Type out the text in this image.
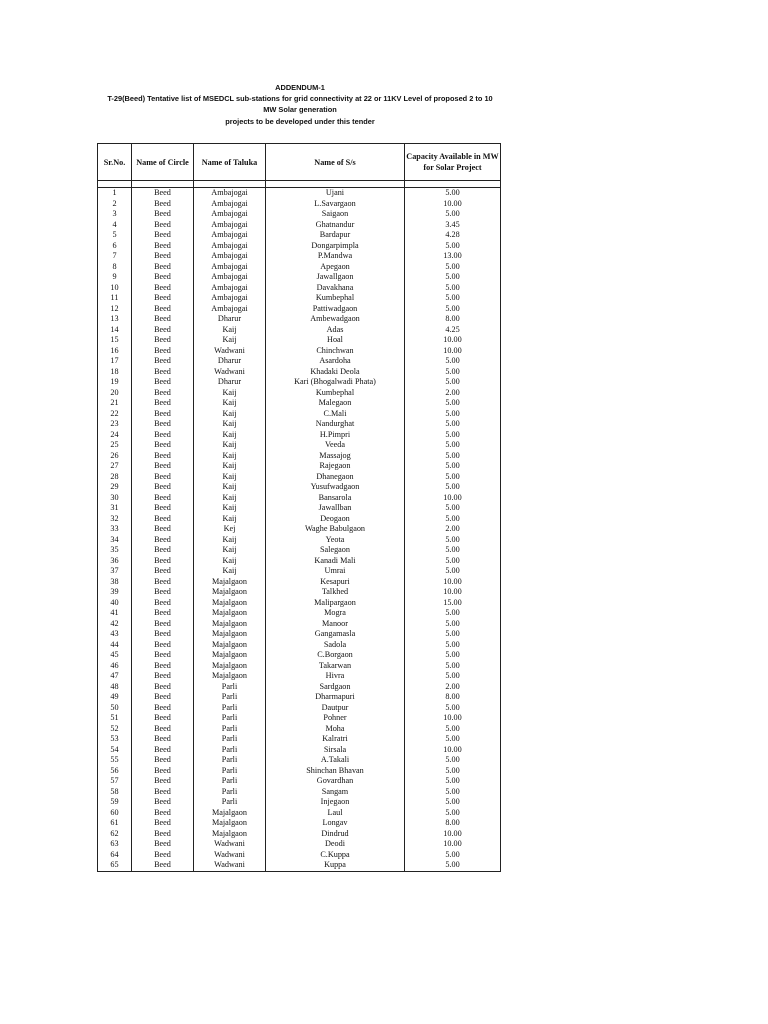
ADDENDUM-1
T-29(Beed) Tentative list of MSEDCL sub-stations for grid connectivity at 22 or 11KV Level of proposed 2 to 10 MW Solar generation
projects to be developed under this tender
Sr.No.	Name of Circle	Name of Taluka	Name of S/s	Capacity Available in MW for Solar Project

1	Beed	Ambajogai	Ujani	5.00
2	Beed	Ambajogai	L.Savargaon	10.00
3	Beed	Ambajogai	Saigaon	5.00
4	Beed	Ambajogai	Ghatnandur	3.45
5	Beed	Ambajogai	Bardapur	4.28
6	Beed	Ambajogai	Dongarpimpla	5.00
7	Beed	Ambajogai	P.Mandwa	13.00
8	Beed	Ambajogai	Apegaon	5.00
9	Beed	Ambajogai	Jawallgaon	5.00
10	Beed	Ambajogai	Davakhana	5.00
11	Beed	Ambajogai	Kumbephal	5.00
12	Beed	Ambajogai	Pattiwadgaon	5.00
13	Beed	Dharur	Ambewadgaon	8.00
14	Beed	Kaij	Adas	4.25
15	Beed	Kaij	Hoal	10.00
16	Beed	Wadwani	Chinchwan	10.00
17	Beed	Dharur	Asardoha	5.00
18	Beed	Wadwani	Khadaki Deola	5.00
19	Beed	Dharur	Kari (Bhogalwadi Phata)	5.00
20	Beed	Kaij	Kumbephal	2.00
21	Beed	Kaij	Malegaon	5.00
22	Beed	Kaij	C.Mali	5.00
23	Beed	Kaij	Nandurghat	5.00
24	Beed	Kaij	H.Pimpri	5.00
25	Beed	Kaij	Veeda	5.00
26	Beed	Kaij	Massajog	5.00
27	Beed	Kaij	Rajegaon	5.00
28	Beed	Kaij	Dhanegaon	5.00
29	Beed	Kaij	Yusufwadgaon	5.00
30	Beed	Kaij	Bansarola	10.00
31	Beed	Kaij	Jawallban	5.00
32	Beed	Kaij	Deogaon	5.00
33	Beed	Kej	Waghe Babulgaon	2.00
34	Beed	Kaij	Yeota	5.00
35	Beed	Kaij	Salegaon	5.00
36	Beed	Kaij	Kanadi Mali	5.00
37	Beed	Kaij	Umrai	5.00
38	Beed	Majalgaon	Kesapuri	10.00
39	Beed	Majalgaon	Talkhed	10.00
40	Beed	Majalgaon	Malipargaon	15.00
41	Beed	Majalgaon	Mogra	5.00
42	Beed	Majalgaon	Manoor	5.00
43	Beed	Majalgaon	Gangamasla	5.00
44	Beed	Majalgaon	Sadola	5.00
45	Beed	Majalgaon	C.Borgaon	5.00
46	Beed	Majalgaon	Takarwan	5.00
47	Beed	Majalgaon	Hivra	5.00
48	Beed	Parli	Sardgaon	2.00
49	Beed	Parli	Dharmapuri	8.00
50	Beed	Parli	Dautpur	5.00
51	Beed	Parli	Pohner	10.00
52	Beed	Parli	Moha	5.00
53	Beed	Parli	Kalratri	5.00
54	Beed	Parli	Sirsala	10.00
55	Beed	Parli	A.Takali	5.00
56	Beed	Parli	Shinchan Bhavan	5.00
57	Beed	Parli	Govardhan	5.00
58	Beed	Parli	Sangam	5.00
59	Beed	Parli	Injegaon	5.00
60	Beed	Majalgaon	Laul	5.00
61	Beed	Majalgaon	Longav	8.00
62	Beed	Majalgaon	Dindrud	10.00
63	Beed	Wadwani	Deodi	10.00
64	Beed	Wadwani	C.Kuppa	5.00
65	Beed	Wadwani	Kuppa	5.00
